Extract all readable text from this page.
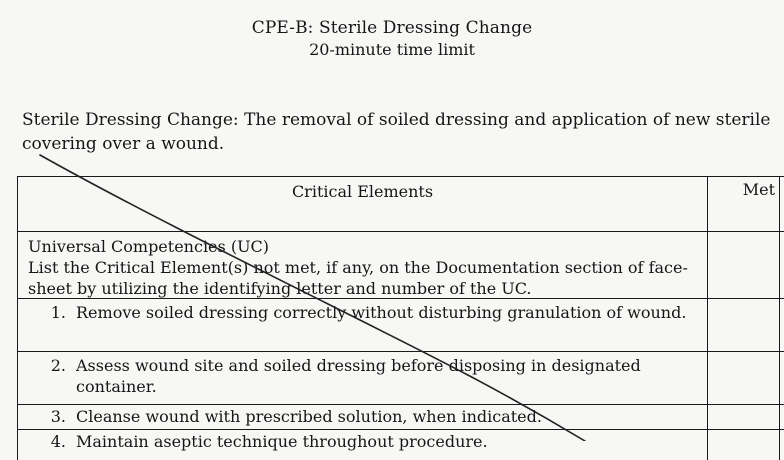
CPE-B: Sterile Dressing Change
20-minute time limit
Sterile Dressing Change: The removal of soiled dressing and application of new sterile covering over a wound.
Critical Elements	Met
Universal Competencies (UC)
List the Critical Element(s) not met, if any, on the Documentation section of face-sheet by utilizing the identifying letter and number of the UC.
1. Remove soiled dressing correctly without disturbing granulation of wound.
2. Assess wound site and soiled dressing before disposing in designated container.
3. Cleanse wound with prescribed solution, when indicated.
4. Maintain aseptic technique throughout procedure.
